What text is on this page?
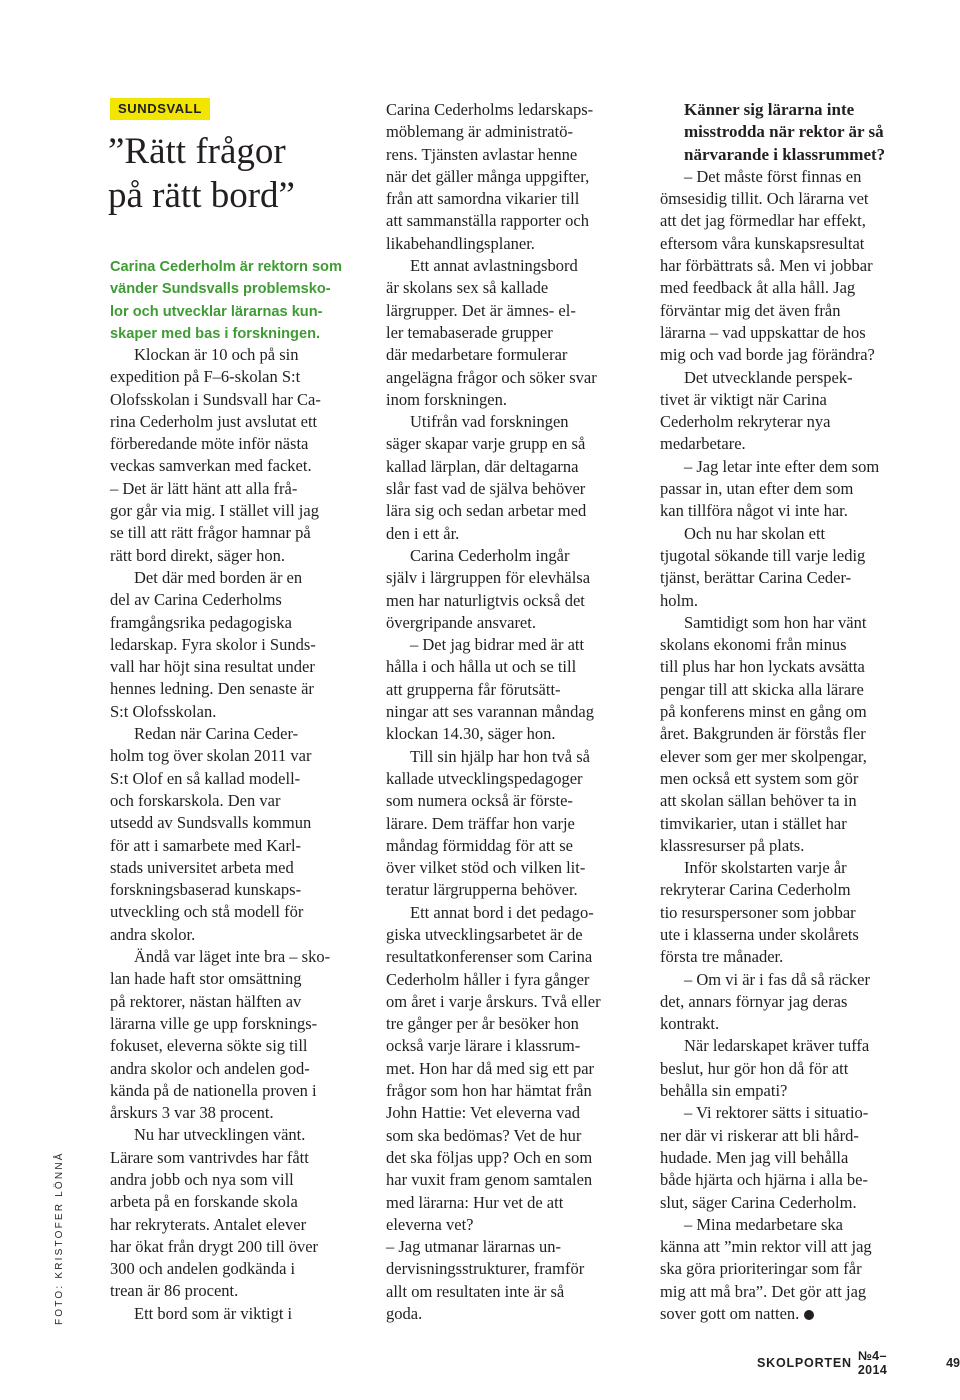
FOTO: KRISTOFER LÖNNÅ
SUNDSVALL
”Rätt frågor
på rätt bord”
Carina Cederholm är rektorn som
vänder Sundsvalls problemsko-
lor och utvecklar lärarnas kun-
skaper med bas i forskningen.
Klockan är 10 och på sin
expedition på F–6-skolan S:t
Olofsskolan i Sundsvall har Ca-
rina Cederholm just avslutat ett
förberedande möte inför nästa
veckas samverkan med facket.
– Det är lätt hänt att alla frå-
gor går via mig. I stället vill jag
se till att rätt frågor hamnar på
rätt bord direkt, säger hon.
Det där med borden är en
del av Carina Cederholms
framgångsrika pedagogiska
ledarskap. Fyra skolor i Sunds-
vall har höjt sina resultat under
hennes ledning. Den senaste är
S:t Olofsskolan.
Redan när Carina Ceder-
holm tog över skolan 2011 var
S:t Olof en så kallad modell-
och forskarskola. Den var
utsedd av Sundsvalls kommun
för att i samarbete med Karl-
stads universitet arbeta med
forskningsbaserad kunskaps-
utveckling och stå modell för
andra skolor.
Ändå var läget inte bra – sko-
lan hade haft stor omsättning
på rektorer, nästan hälften av
lärarna ville ge upp forsknings-
fokuset, eleverna sökte sig till
andra skolor och andelen god-
kända på de nationella proven i
årskurs 3 var 38 procent.
Nu har utvecklingen vänt.
Lärare som vantrivdes har fått
andra jobb och nya som vill
arbeta på en forskande skola
har rekryterats. Antalet elever
har ökat från drygt 200 till över
300 och andelen godkända i
trean är 86 procent.
Ett bord som är viktigt i
Carina Cederholms ledarskaps-
möblemang är administratö-
rens. Tjänsten avlastar henne
när det gäller många uppgifter,
från att samordna vikarier till
att sammanställa rapporter och
likabehandlingsplaner.
Ett annat avlastningsbord
är skolans sex så kallade
lärgrupper. Det är ämnes- el-
ler temabaserade grupper
där medarbetare formulerar
angelägna frågor och söker svar
inom forskningen.
Utifrån vad forskningen
säger skapar varje grupp en så
kallad lärplan, där deltagarna
slår fast vad de själva behöver
lära sig och sedan arbetar med
den i ett år.
Carina Cederholm ingår
själv i lärgruppen för elevhälsa
men har naturligtvis också det
övergripande ansvaret.
– Det jag bidrar med är att
hålla i och hålla ut och se till
att grupperna får förutsätt-
ningar att ses varannan måndag
klockan 14.30, säger hon.
Till sin hjälp har hon två så
kallade utvecklingspedagoger
som numera också är förste-
lärare. Dem träffar hon varje
måndag förmiddag för att se
över vilket stöd och vilken lit-
teratur lärgrupperna behöver.
Ett annat bord i det pedago-
giska utvecklingsarbetet är de
resultatkonferenser som Carina
Cederholm håller i fyra gånger
om året i varje årskurs. Två eller
tre gånger per år besöker hon
också varje lärare i klassrum-
met. Hon har då med sig ett par
frågor som hon har hämtat från
John Hattie: Vet eleverna vad
som ska bedömas? Vet de hur
det ska följas upp? Och en som
har vuxit fram genom samtalen
med lärarna: Hur vet de att
eleverna vet?
– Jag utmanar lärarnas un-
dervisningsstrukturer, framför
allt om resultaten inte är så
goda.
Känner sig lärarna inte
misstrodda när rektor är så
närvarande i klassrummet?
– Det måste först finnas en
ömsesidig tillit. Och lärarna vet
att det jag förmedlar har effekt,
eftersom våra kunskapsresultat
har förbättrats så. Men vi jobbar
med feedback åt alla håll. Jag
förväntar mig det även från
lärarna – vad uppskattar de hos
mig och vad borde jag förändra?
Det utvecklande perspek-
tivet är viktigt när Carina
Cederholm rekryterar nya
medarbetare.
– Jag letar inte efter dem som
passar in, utan efter dem som
kan tillföra något vi inte har.
Och nu har skolan ett
tjugotal sökande till varje ledig
tjänst, berättar Carina Ceder-
holm.
Samtidigt som hon har vänt
skolans ekonomi från minus
till plus har hon lyckats avsätta
pengar till att skicka alla lärare
på konferens minst en gång om
året. Bakgrunden är förstås fler
elever som ger mer skolpengar,
men också ett system som gör
att skolan sällan behöver ta in
timvikarier, utan i stället har
klassresurser på plats.
Inför skolstarten varje år
rekryterar Carina Cederholm
tio resurspersoner som jobbar
ute i klasserna under skolårets
första tre månader.
– Om vi är i fas då så räcker
det, annars förnyar jag deras
kontrakt.
När ledarskapet kräver tuffa
beslut, hur gör hon då för att
behålla sin empati?
– Vi rektorer sätts i situatio-
ner där vi riskerar att bli hård-
hudade. Men jag vill behålla
både hjärta och hjärna i alla be-
slut, säger Carina Cederholm.
– Mina medarbetare ska
känna att ”min rektor vill att jag
ska göra prioriteringar som får
mig att må bra”. Det gör att jag
sover gott om natten.
SKOLPORTEN №4–2014	49
